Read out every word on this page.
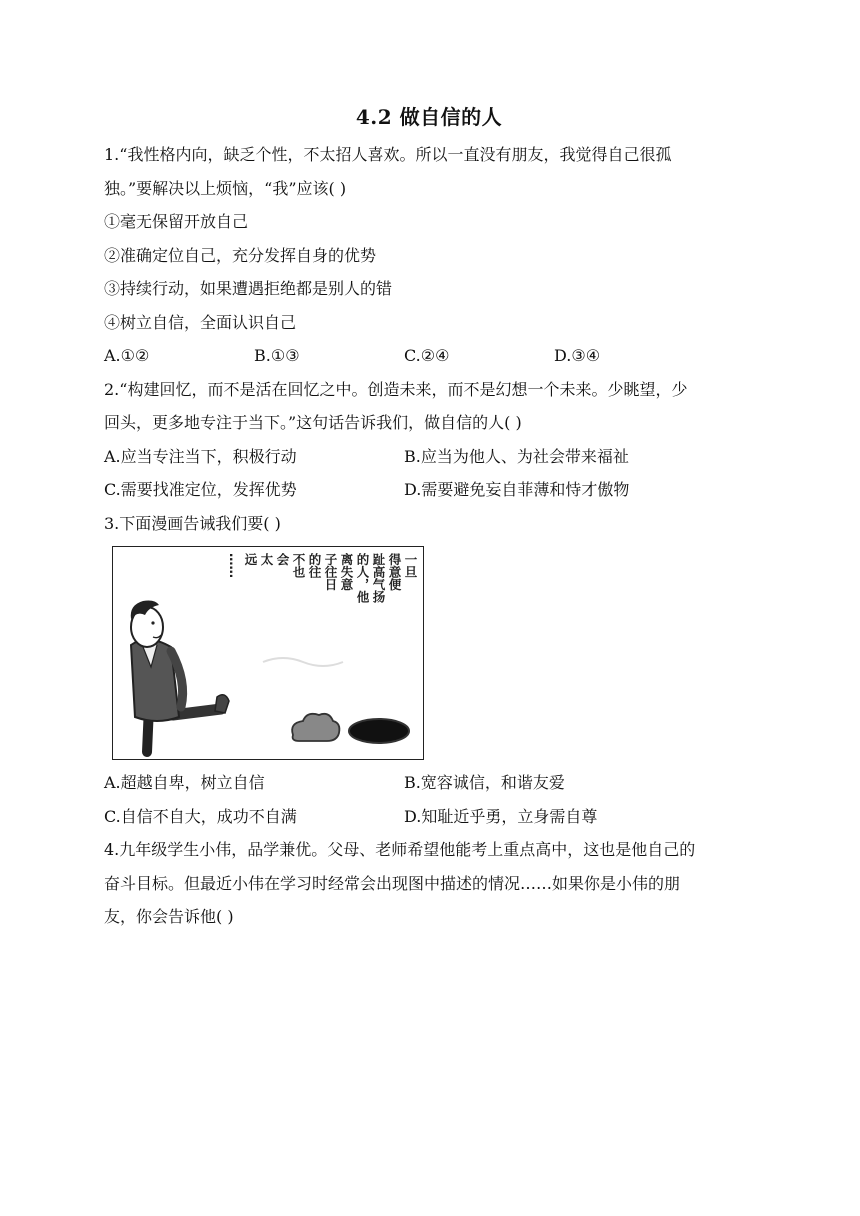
4.2 做自信的人
1.“我性格内向，缺乏个性，不太招人喜欢。所以一直没有朋友，我觉得自己很孤
独。”要解决以上烦恼，“我”应该( )
①毫无保留开放自己
②准确定位自己，充分发挥自身的优势
③持续行动，如果遭遇拒绝都是别人的错
④树立自信，全面认识自己
A.①②	B.①③	C.②④	D.③④
2.“构建回忆，而不是活在回忆之中。创造未来，而不是幻想一个未来。少眺望，少
回头，更多地专注于当下。”这句话告诉我们，做自信的人( )
A.应当专注当下，积极行动	B.应当为他人、为社会带来福祉
C.需要找准定位，发挥优势	D.需要避免妄自菲薄和恃才傲物
3.下面漫画告诫我们要( )
一旦
得意便
趾高气扬
的人，他
离失意
子往日
的往
不也
会
太
远
……
A.超越自卑，树立自信	B.宽容诚信，和谐友爱
C.自信不自大，成功不自满	D.知耻近乎勇，立身需自尊
4.九年级学生小伟，品学兼优。父母、老师希望他能考上重点高中，这也是他自己的
奋斗目标。但最近小伟在学习时经常会出现图中描述的情况……如果你是小伟的朋
友，你会告诉他( )
